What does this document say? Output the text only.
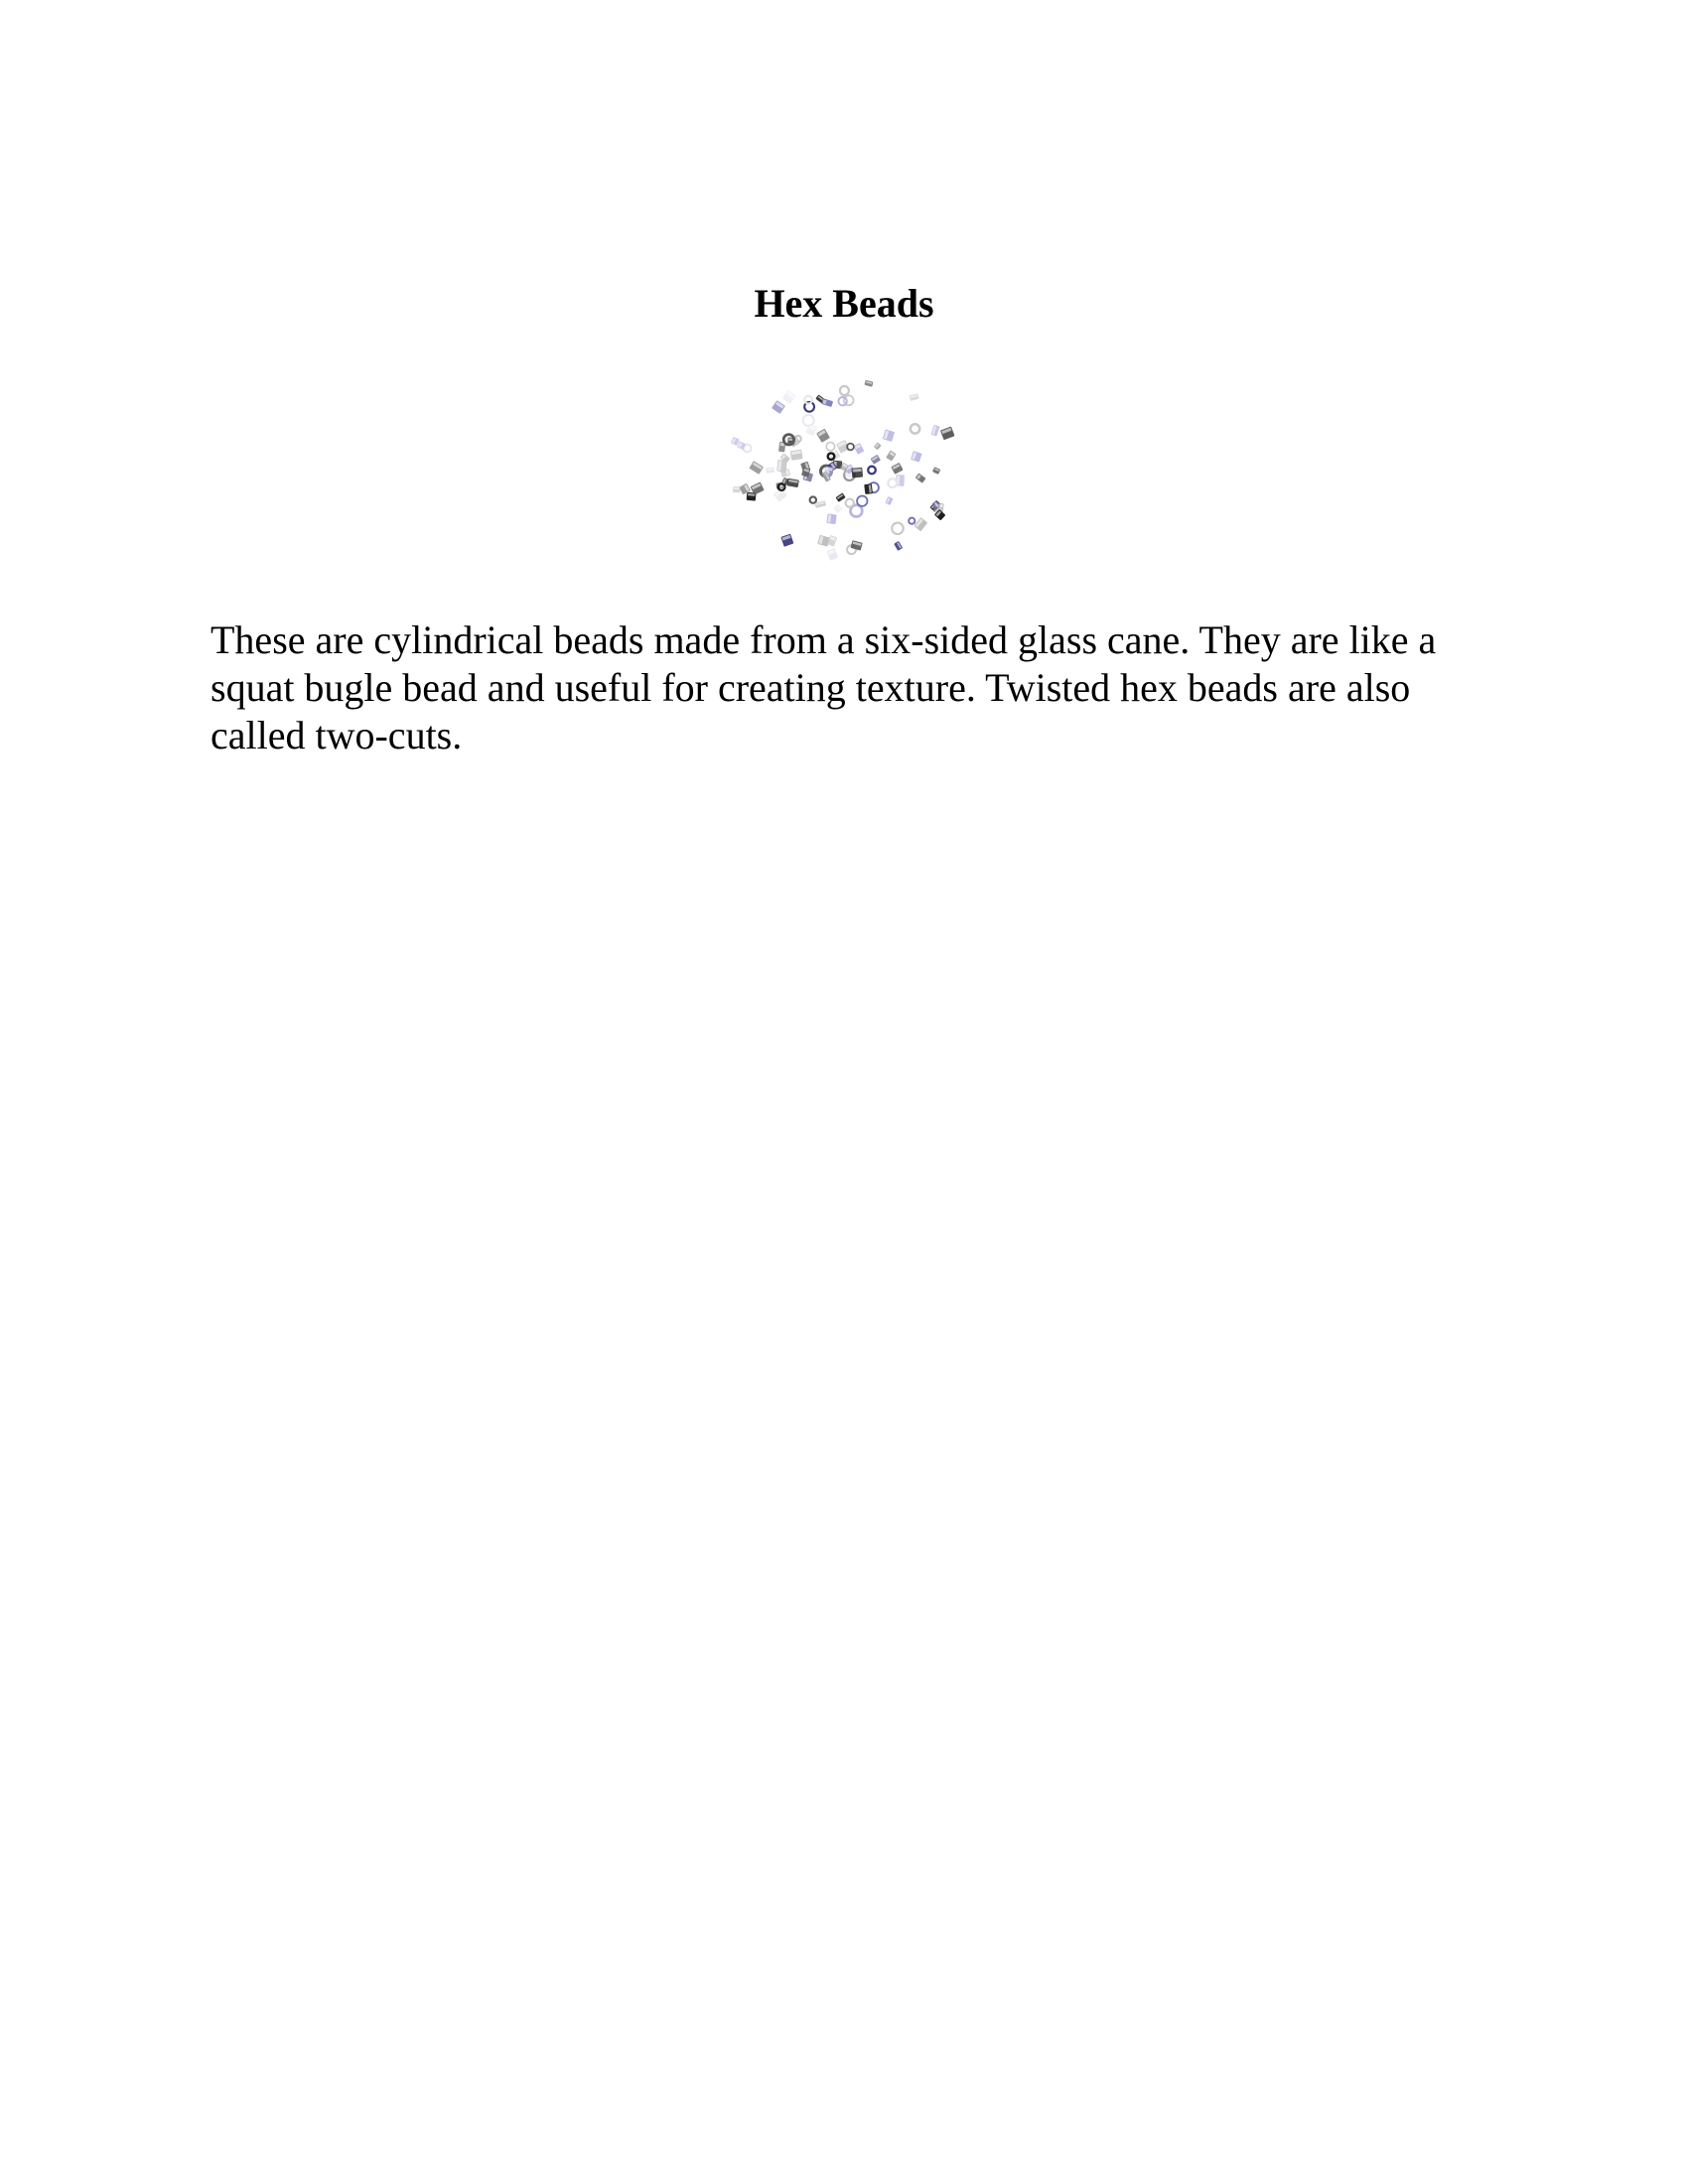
Hex Beads

These are cylindrical beads made from a six-sided glass cane. They are like a squat bugle bead and useful for creating texture. Twisted hex beads are also called two-cuts.
